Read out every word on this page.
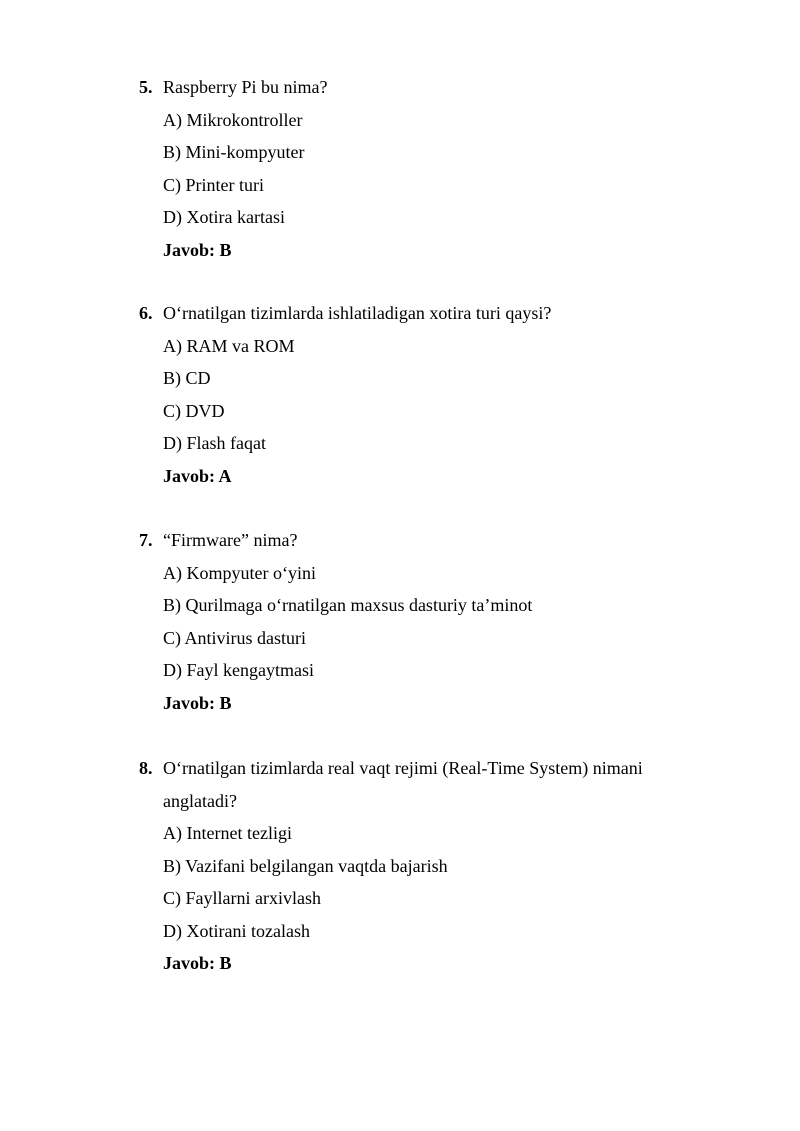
5. Raspberry Pi bu nima?
A) Mikrokontroller
B) Mini-kompyuter
C) Printer turi
D) Xotira kartasi
Javob: B
6. O‘rnatilgan tizimlarda ishlatiladigan xotira turi qaysi?
A) RAM va ROM
B) CD
C) DVD
D) Flash faqat
Javob: A
7. “Firmware” nima?
A) Kompyuter o‘yini
B) Qurilmaga o‘rnatilgan maxsus dasturiy ta’minot
C) Antivirus dasturi
D) Fayl kengaytmasi
Javob: B
8. O‘rnatilgan tizimlarda real vaqt rejimi (Real-Time System) nimani anglatadi?
A) Internet tezligi
B) Vazifani belgilangan vaqtda bajarish
C) Fayllarni arxivlash
D) Xotirani tozalash
Javob: B
